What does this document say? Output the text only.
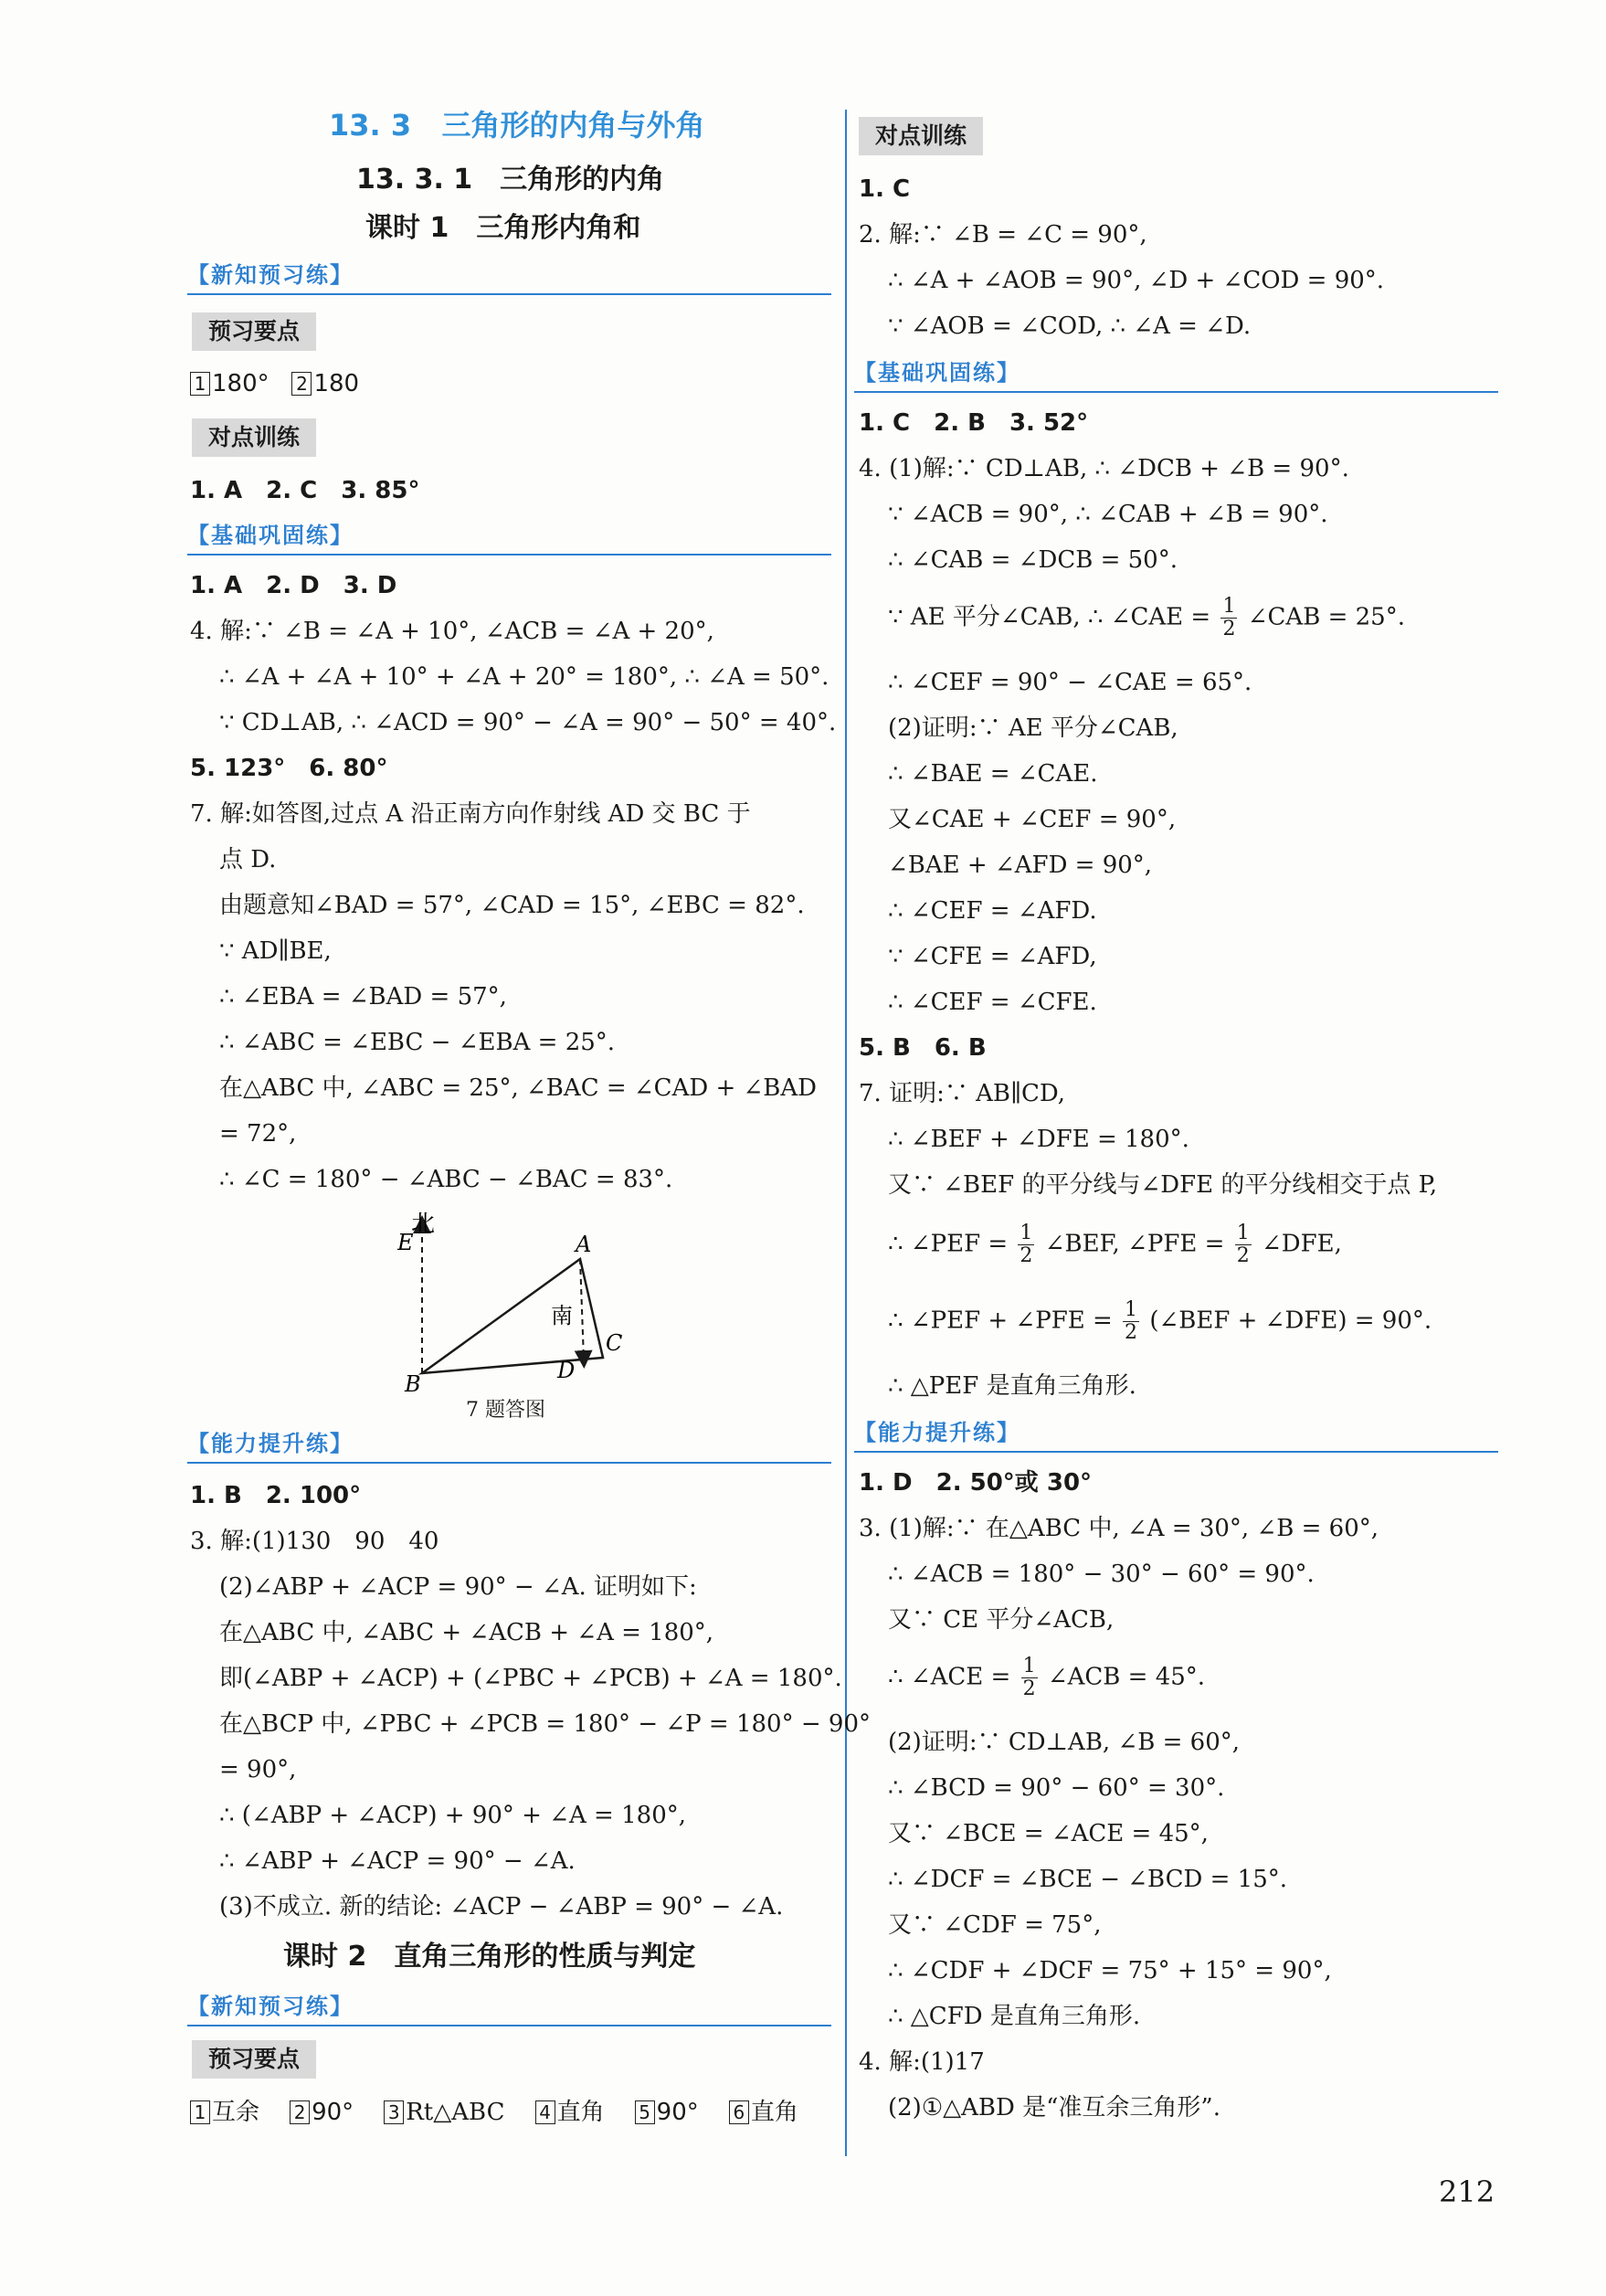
13. 3 三角形的内角与外角
13. 3. 1　三角形的内角
课时 1　三角形内角和
【新知预习练】
预习要点
1 180° 2 180
对点训练
1. A　2. C　3. 85°
【基础巩固练】
1. A　2. D　3. D
4. 解:∵ ∠B = ∠A + 10°, ∠ACB = ∠A + 20°,
∴ ∠A + ∠A + 10° + ∠A + 20° = 180°, ∴ ∠A = 50°.
∵ CD⊥AB, ∴ ∠ACD = 90° − ∠A = 90° − 50° = 40°.
5. 123°　6. 80°
7. 解:如答图,过点 A 沿正南方向作射线 AD 交 BC 于
点 D.
由题意知∠BAD = 57°, ∠CAD = 15°, ∠EBC = 82°.
∵ AD∥BE,
∴ ∠EBA = ∠BAD = 57°,
∴ ∠ABC = ∠EBC − ∠EBA = 25°.
在△ABC 中, ∠ABC = 25°, ∠BAC = ∠CAD + ∠BAD
= 72°,
∴ ∠C = 180° − ∠ABC − ∠BAC = 83°.
北
E	A
南
C
B
D
7 题答图
【能力提升练】
1. B　2. 100°
3. 解:(1)130　90　40
(2)∠ABP + ∠ACP = 90° − ∠A. 证明如下:
在△ABC 中, ∠ABC + ∠ACB + ∠A = 180°,
即(∠ABP + ∠ACP) + (∠PBC + ∠PCB) + ∠A = 180°.
在△BCP 中, ∠PBC + ∠PCB = 180° − ∠P = 180° − 90°
= 90°,
∴ (∠ABP + ∠ACP) + 90° + ∠A = 180°,
∴ ∠ABP + ∠ACP = 90° − ∠A.
(3)不成立. 新的结论: ∠ACP − ∠ABP = 90° − ∠A.
课时 2　直角三角形的性质与判定
【新知预习练】
预习要点
1 互余 2 90° 3 Rt△ABC 4 直角 5 90° 6 直角
对点训练
1. C
2. 解:∵ ∠B = ∠C = 90°,
∴ ∠A + ∠AOB = 90°, ∠D + ∠COD = 90°.
∵ ∠AOB = ∠COD, ∴ ∠A = ∠D.
【基础巩固练】
1. C　2. B　3. 52°
4. (1)解:∵ CD⊥AB, ∴ ∠DCB + ∠B = 90°.
∵ ∠ACB = 90°, ∴ ∠CAB + ∠B = 90°.
∴ ∠CAB = ∠DCB = 50°.
∵ AE 平分∠CAB, ∴ ∠CAE = $\frac{1}{2}$ ∠CAB = 25°.
∴ ∠CEF = 90° − ∠CAE = 65°.
(2)证明:∵ AE 平分∠CAB,
∴ ∠BAE = ∠CAE.
又∠CAE + ∠CEF = 90°,
∠BAE + ∠AFD = 90°,
∴ ∠CEF = ∠AFD.
∵ ∠CFE = ∠AFD,
∴ ∠CEF = ∠CFE.
5. B　6. B
7. 证明:∵ AB∥CD,
∴ ∠BEF + ∠DFE = 180°.
又∵ ∠BEF 的平分线与∠DFE 的平分线相交于点 P,
∴ ∠PEF = $\frac{1}{2}$ ∠BEF, ∠PFE = $\frac{1}{2}$ ∠DFE,
∴ ∠PEF + ∠PFE = $\frac{1}{2}$ (∠BEF + ∠DFE) = 90°.
∴ △PEF 是直角三角形.
【能力提升练】
1. D　2. 50°或 30°
3. (1)解:∵ 在△ABC 中, ∠A = 30°, ∠B = 60°,
∴ ∠ACB = 180° − 30° − 60° = 90°.
又∵ CE 平分∠ACB,
∴ ∠ACE = $\frac{1}{2}$ ∠ACB = 45°.
(2)证明:∵ CD⊥AB, ∠B = 60°,
∴ ∠BCD = 90° − 60° = 30°.
又∵ ∠BCE = ∠ACE = 45°,
∴ ∠DCF = ∠BCE − ∠BCD = 15°.
又∵ ∠CDF = 75°,
∴ ∠CDF + ∠DCF = 75° + 15° = 90°,
∴ △CFD 是直角三角形.
4. 解:(1)17
(2)①△ABD 是“准互余三角形”.
212
